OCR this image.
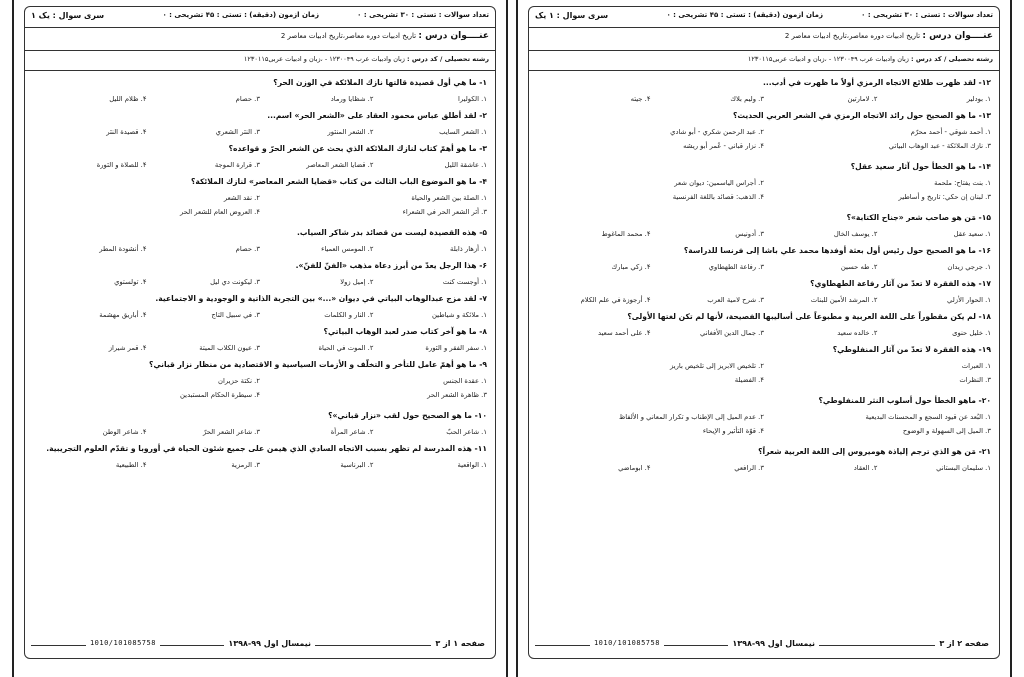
تعداد سوالات : تستی : ۳۰ تشریحی : ۰
زمان آزمون (دقیقه) : تستی : ۴۵ تشریحی : ۰
سری سوال : یک ۱
عنــــوان درس : تاریخ ادبیات دوره معاصر،تاریخ ادبیات معاصر 2
رشته تحصیلی / کد درس : زبان وادبیات عرب ۱۲۳۰۰۴۹ - ،زبان و ادبیات عربی۱۲۳۰۱۱۵
۱- ما هي أول قصيدة قالتها نازك الملائكة في الوزن الحر؟
۱. الكوليرا
۲. شظايا ورماد
۳. حصام
۴. ظلام الليل
۲- لقد أطلق عباس محمود العقاد على «الشعر الحر» اسم...
۱. الشعر السايب
۲. الشعر المنثور
۳. النثر الشعري
۴. قصيدة النثر
۳- ما هو أهمّ كتاب لنازك الملائكة الذي بحث عن الشعر الحرّ و قواعده؟
۱. عاشقة الليل
۲. قضايا الشعر المعاصر
۳. قرارة الموجة
۴. للصلاة و الثورة
۴- ما هو الموضوع الباب الثالث من كتاب «قضايا الشعر المعاصر» لنازك الملائكة؟
۱. الصلة بين الشعر والحياة
۲. نقد الشعر
۳. أثر الشعر الحر في الشعراء
۴. العروض العام للشعر الحر
۵- هذه القصيدة ليست من قصائد بدر شاكر السياب.
۱. أزهار ذابلة
۲. المومس العمياء
۳. حصام
۴. أنشودة المطر
۶- هذا الرجل يعدّ من أبرز دعاة مذهب «الفنّ للفنّ».
۱. أوجست كنت
۲. إميل زولا
۳. ليكونت دي ليل
۴. تولستوي
۷- لقد مزج عبدالوهاب البياتي في ديوان «...» بين التجربة الذاتية و الوجودية و الاجتماعية.
۱. ملائكة و شياطين
۲. النار و الكلمات
۳. في سبيل التاج
۴. أباريق مهشمة
۸- ما هو آخر كتاب صدر لعبد الوهاب البياتي؟
۱. سفر الفقر و الثورة
۲. الموت في الحياة
۳. عيون الكلاب الميتة
۴. قمر شيراز
۹- ما هو أهمّ عامل للتأخر و التخلّف و الأزمات السياسية و الاقتصادية من منظار نزار قباني؟
۱. عقدة الجنس
۲. نكتة حزيران
۳. ظاهرة الشعر الحر
۴. سيطرة الحكام المستبدين
۱۰- ما هو الصحيح حول لقب «نزار قباني»؟
۱. شاعر الحبّ
۲. شاعر المرأة
۳. شاعر الشعر الحرّ
۴. شاعر الوطن
۱۱- هذه المدرسة لم تظهر بسبب الاتجاه السادي الذي هيمن على جميع شئون الحياة في أوروبا و تقدّم العلوم التجريبية.
۱. الواقعية
۲. البرناسية
۳. الرمزية
۴. الطبيعية
صفحه ۱ از ۳
نیمسال اول ۹۹-۱۳۹۸
1010/101085758
تعداد سوالات : تستی : ۳۰ تشریحی : ۰
زمان آزمون (دقیقه) : تستی : ۴۵ تشریحی : ۰
سری سوال : ۱ یک
عنــــوان درس : تاریخ ادبیات دوره معاصر،تاریخ ادبیات معاصر 2
رشته تحصیلی / کد درس : زبان وادبیات عرب ۱۲۳۰۰۴۹ - ،زبان و ادبیات عربی۱۲۳۰۱۱۵
۱۲- لقد ظهرت طلائع الاتجاه الرمزي أولاً ما ظهرت في أدب...
۱. بودلير
۲. لامارتين
۳. وليم بلاك
۴. جيته
۱۳- ما هو الصحيح حول رائد الاتجاه الرمزي في الشعر العربي الحديث؟
۱. أحمد شوقي - أحمد محرّم
۲. عبد الرحمن شكري - أبو شادي
۳. نازك الملائكة - عبد الوهاب البياتي
۴. نزار قباني - عُمر أبو ريشه
۱۴- ما هو الخطأ حول آثار سعيد عقل؟
۱. بنت يفتاح: ملحمة
۲. أجراس الياسمين: ديوان شعر
۳. لبنان إن حكي: تاريخ و أساطير
۴. الذهب: قصائد باللغة الفرنسية
۱۵- مَن هو صاحب شعر «جناح الكتابة»؟
۱. سعيد عقل
۲. يوسف الخال
۳. أدونيس
۴. محمد الماغوط
۱۶- ما هو الصحيح حول رئيس أول بعثة أوفدها محمد علي باشا إلى فرنسا للدراسة؟
۱. جرجي زيدان
۲. طه حسين
۳. رفاعة الطهطاوي
۴. زكي مبارك
۱۷- هذه الفقرة لا تعدّ من آثار رفاعة الطهطاوي؟
۱. الحوار الأزلي
۲. المرشد الأمين للبنات
۳. شرح لامية العرب
۴. أرجوزة في علم الكلام
۱۸- لم يكن مقطوراً على اللغة العربية و مطبوعاً على أساليبها الفصيحة، لأنها لم تكن لغتها الأولى؟
۱. خليل حنوی
۲. خالده سعيد
۳. جمال الدين الأفغاني
۴. على أحمد سعيد
۱۹- هذه الفقرة لا تعدّ من آثار المنفلوطي؟
۱. العبرات
۲. تلخيص الابريز إلى تلخيص باريز
۳. النظرات
۴. الفضيلة
۲۰- ماهو الخطأ حول أسلوب النثر للمنفلوطي؟
۱. البُعد عن قيود السجع و المحسنات البديعية
۲. عدم الميل إلى الإطناب و تكرار المعاني و الألفاظ
۳. الميل إلى السهولة و الوضوح
۴. قوّة التأثير و الإيحاء
۲۱- مَن هو الذي ترجم إلياذة هوميروس إلى اللغة العربية شعراً؟
۱. سليمان البستاني
۲. العقاد
۳. الرافعي
۴. ابوماضي
صفحه ۲ از ۳
نیمسال اول ۹۹-۱۳۹۸
1010/101085758
